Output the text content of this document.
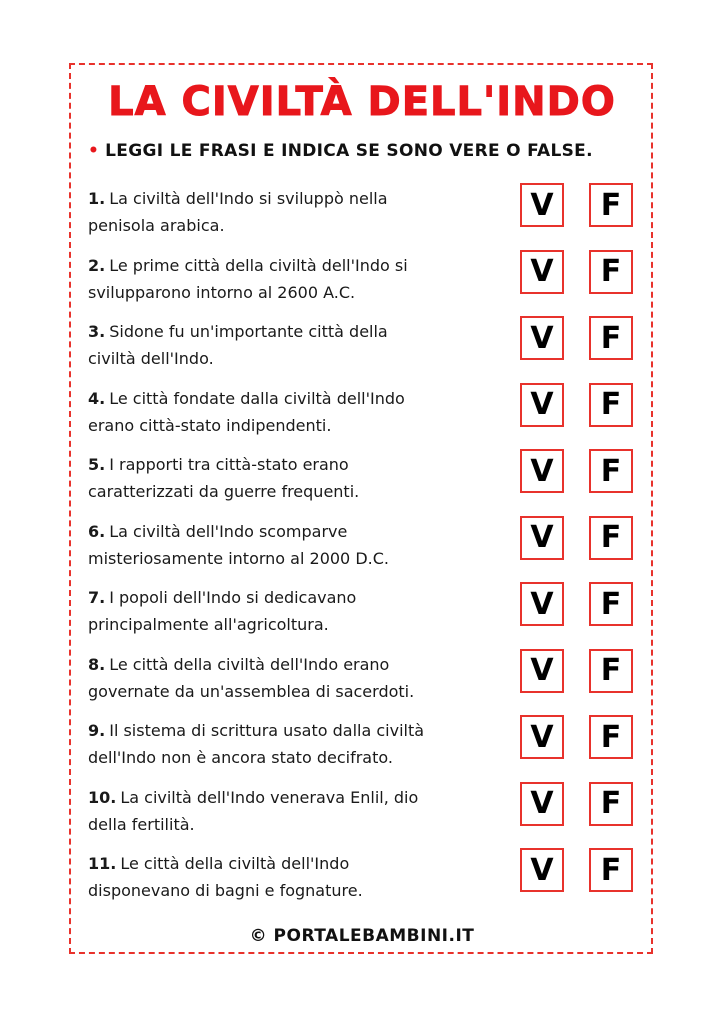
LA CIVILTÀ DELL'INDO
• LEGGI LE FRASI E INDICA SE SONO VERE O FALSE.
1. La civiltà dell'Indo si sviluppò nella
penisola arabica.
V	F
2. Le prime città della civiltà dell'Indo si
svilupparono intorno al 2600 A.C.
V	F
3. Sidone fu un'importante città della
civiltà dell'Indo.
V	F
4. Le città fondate dalla civiltà dell'Indo
erano città-stato indipendenti.
V	F
5. I rapporti tra città-stato erano
caratterizzati da guerre frequenti.
V	F
6. La civiltà dell'Indo scomparve
misteriosamente intorno al 2000 D.C.
V	F
7. I popoli dell'Indo si dedicavano
principalmente all'agricoltura.
V	F
8. Le città della civiltà dell'Indo erano
governate da un'assemblea di sacerdoti.
V	F
9. Il sistema di scrittura usato dalla civiltà
dell'Indo non è ancora stato decifrato.
V	F
10. La civiltà dell'Indo venerava Enlil, dio
della fertilità.
V	F
11. Le città della civiltà dell'Indo
disponevano di bagni e fognature.
V	F
© PORTALEBAMBINI.IT
